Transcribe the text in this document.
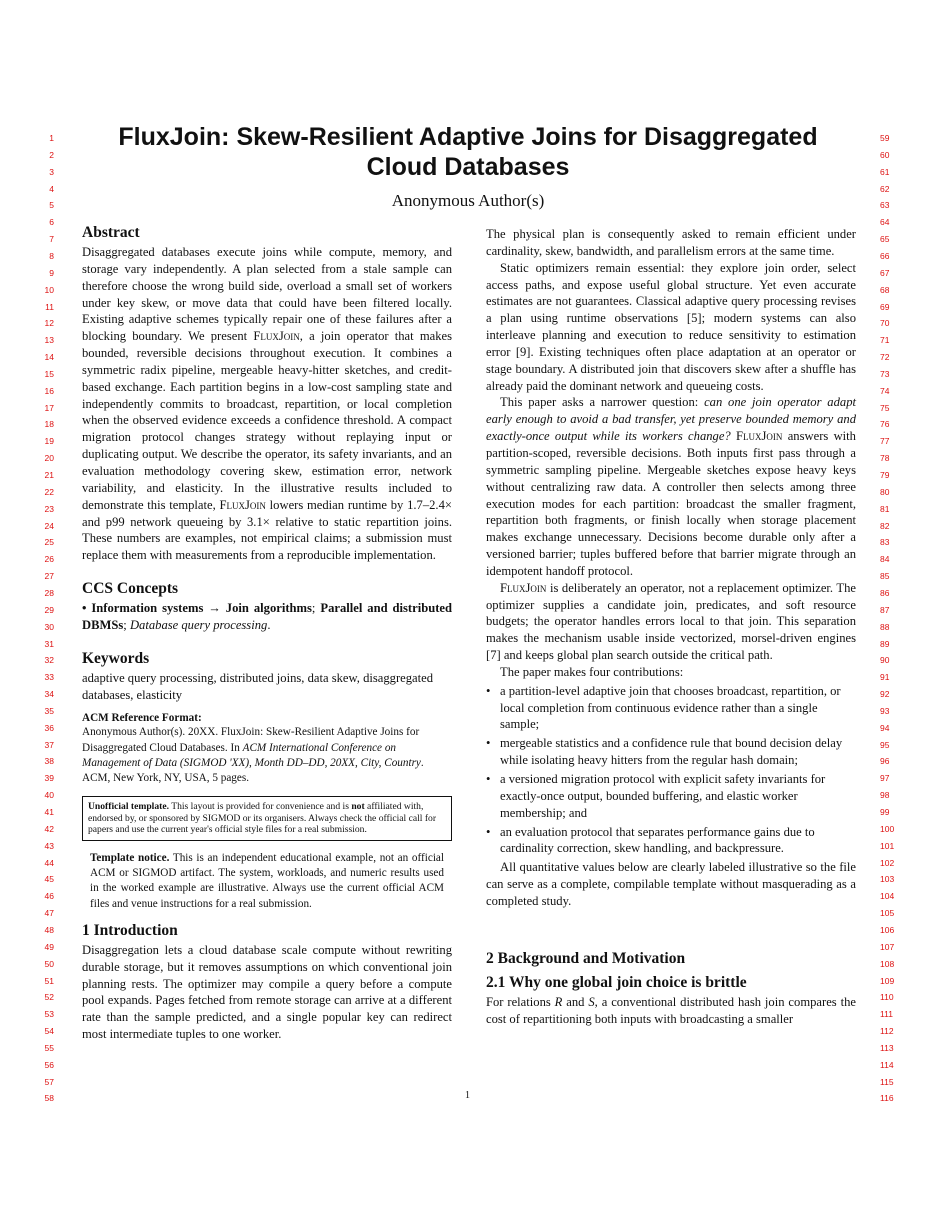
FluxJoin: Skew-Resilient Adaptive Joins for Disaggregated Cloud Databases
Anonymous Author(s)
Abstract

Disaggregated databases execute joins while compute, memory, and storage vary independently. A plan selected from a stale sample can therefore choose the wrong build side, overload a small set of workers under key skew, or move data that could have been filtered locally. Existing adaptive schemes typically repair one of these failures after a blocking boundary. We present FluxJoin, a join operator that makes bounded, reversible decisions throughout execution. It combines a symmetric radix pipeline, mergeable heavy-hitter sketches, and credit-based exchange. Each partition begins in a low-cost sampling state and independently commits to broadcast, repartition, or local completion when the observed evidence exceeds a confidence threshold. A compact migration protocol changes strategy without replaying input or duplicating output. We describe the operator, its safety invariants, and an evaluation methodology covering skew, estimation error, network variability, and elasticity. In the illustrative results included to demonstrate this template, FluxJoin lowers median runtime by 1.7–2.4× and p99 network queueing by 3.1× relative to static repartition joins. These numbers are examples, not empirical claims; a submission must replace them with measurements from a reproducible implementation.

CCS Concepts

• Information systems → Join algorithms; Parallel and distributed DBMSs; Database query processing.

Keywords

adaptive query processing, distributed joins, data skew, disaggregated databases, elasticity

ACM Reference Format:

Anonymous Author(s). 20XX. FluxJoin: Skew-Resilient Adaptive Joins for Disaggregated Cloud Databases. In ACM International Conference on Management of Data (SIGMOD 'XX), Month DD–DD, 20XX, City, Country. ACM, New York, NY, USA, 5 pages.

Unofficial template. This layout is provided for convenience and is not affiliated with, endorsed by, or sponsored by SIGMOD or its organisers. Always check the official call for papers and use the current year's official style files for a real submission.

Template notice. This is an independent educational example, not an official ACM or SIGMOD artifact. The system, workloads, and numeric results used in the worked example are illustrative. Always use the current official ACM files and venue instructions for a real submission.

1 Introduction

Disaggregation lets a cloud database scale compute without rewriting durable storage, but it removes assumptions on which conventional join planning rests. The optimizer may compile a query before a compute pool expands. Pages fetched from remote storage can arrive at a different rate than the sample predicted, and a single popular key can redirect most intermediate tuples to one worker.

The physical plan is consequently asked to remain efficient under cardinality, skew, bandwidth, and parallelism errors at the same time.

Static optimizers remain essential: they explore join order, select access paths, and expose useful global structure. Yet even accurate estimates are not guarantees. Classical adaptive query processing revises a plan using runtime observations [5]; modern systems can also interleave planning and execution to reduce sensitivity to estimation error [9]. Existing techniques often place adaptation at an operator or stage boundary. A distributed join that discovers skew after a shuffle has already paid the dominant network and queueing costs.

This paper asks a narrower question: can one join operator adapt early enough to avoid a bad transfer, yet preserve bounded memory and exactly-once output while its workers change? FluxJoin answers with partition-scoped, reversible decisions. Both inputs first pass through a symmetric sampling pipeline. Mergeable sketches expose heavy keys without centralizing raw data. A controller then selects among three execution modes for each partition: broadcast the smaller fragment, repartition both fragments, or finish locally when storage placement makes exchange unnecessary. Decisions become durable only after a versioned barrier; tuples buffered before that barrier migrate through an idempotent handoff protocol.

FluxJoin is deliberately an operator, not a replacement optimizer. The optimizer supplies a candidate join, predicates, and soft resource budgets; the operator handles errors local to that join. This separation makes the mechanism usable inside vectorized, morsel-driven engines [7] and keeps global plan search outside the critical path.

The paper makes four contributions:

• a partition-level adaptive join that chooses broadcast, repartition, or local completion from continuous evidence rather than a single sample;
• mergeable statistics and a confidence rule that bound decision delay while isolating heavy hitters from the regular hash domain;
• a versioned migration protocol with explicit safety invariants for exactly-once output, bounded buffering, and elastic worker membership; and
• an evaluation protocol that separates performance gains due to cardinality correction, skew handling, and backpressure.

All quantitative values below are clearly labeled illustrative so the file can serve as a complete, compilable template without masquerading as a completed study.

2 Background and Motivation
2.1 Why one global join choice is brittle

For relations R and S, a conventional distributed hash join compares the cost of repartitioning both inputs with broadcasting a smaller

1	59
2	60
3	61
4	62
5	63
6	64
7	65
8	66
9	67
10	68
11	69
12	70
13	71
14	72
15	73
16	74
17	75
18	76
19	77
20	78
21	79
22	80
23	81
24	82
25	83
26	84
27	85
28	86
29	87
30	88
31	89
32	90
33	91
34	92
35	93
36	94
37	95
38	96
39	97
40	98
41	99
42	100
43	101
44	102
45	103
46	104
47	105
48	106
49	107
50	108
51	109
52	110
53	111
54	112
55	113
56	114
57	115
58	116
1
